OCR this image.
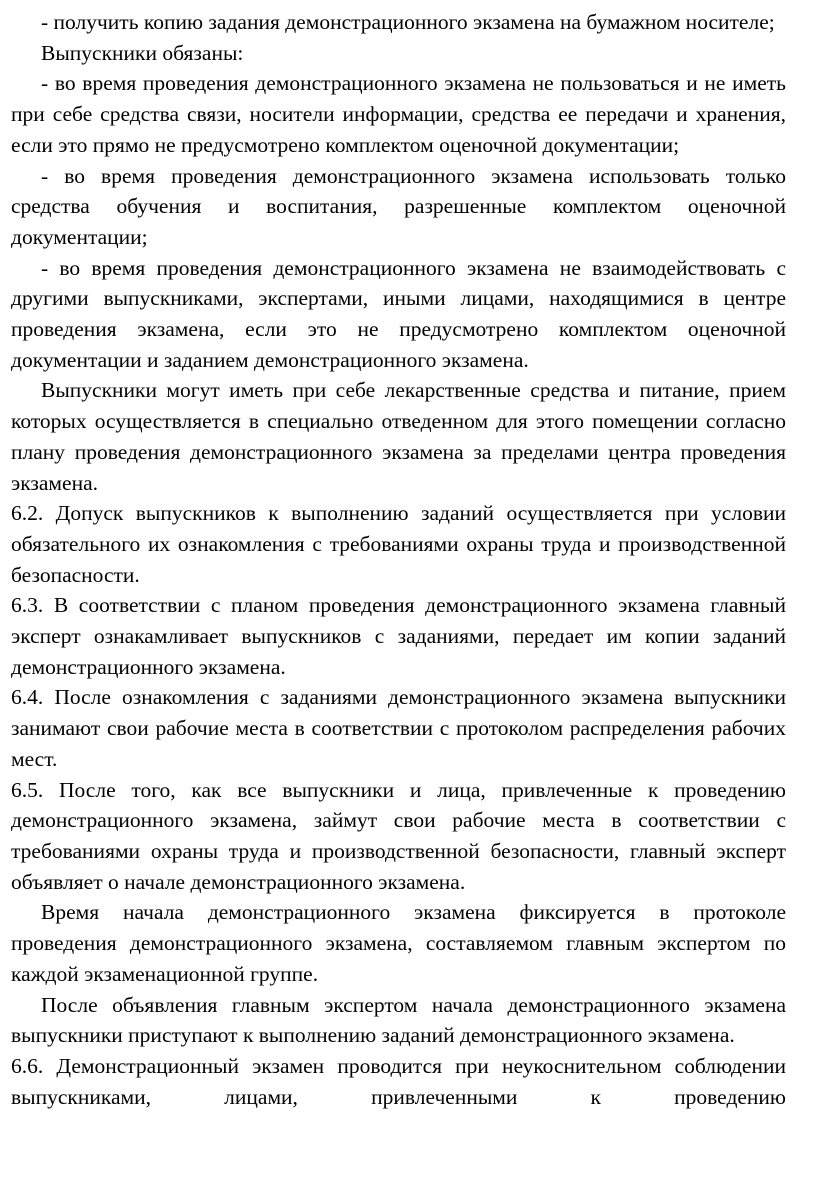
- получить копию задания демонстрационного экзамена на бумажном носителе;

Выпускники обязаны:

- во время проведения демонстрационного экзамена не пользоваться и не иметь при себе средства связи, носители информации, средства ее передачи и хранения, если это прямо не предусмотрено комплектом оценочной документации;

- во время проведения демонстрационного экзамена использовать только средства обучения и воспитания, разрешенные комплектом оценочной документации;

- во время проведения демонстрационного экзамена не взаимодействовать с другими выпускниками, экспертами, иными лицами, находящимися в центре проведения экзамена, если это не предусмотрено комплектом оценочной документации и заданием демонстрационного экзамена.

Выпускники могут иметь при себе лекарственные средства и питание, прием которых осуществляется в специально отведенном для этого помещении согласно плану проведения демонстрационного экзамена за пределами центра проведения экзамена.

6.2. Допуск выпускников к выполнению заданий осуществляется при условии обязательного их ознакомления с требованиями охраны труда и производственной безопасности.

6.3. В соответствии с планом проведения демонстрационного экзамена главный эксперт ознакамливает выпускников с заданиями, передает им копии заданий демонстрационного экзамена.

6.4. После ознакомления с заданиями демонстрационного экзамена выпускники занимают свои рабочие места в соответствии с протоколом распределения рабочих мест.

6.5. После того, как все выпускники и лица, привлеченные к проведению демонстрационного экзамена, займут свои рабочие места в соответствии с требованиями охраны труда и производственной безопасности, главный эксперт объявляет о начале демонстрационного экзамена.

Время начала демонстрационного экзамена фиксируется в протоколе проведения демонстрационного экзамена, составляемом главным экспертом по каждой экзаменационной группе.

После объявления главным экспертом начала демонстрационного экзамена выпускники приступают к выполнению заданий демонстрационного экзамена.

6.6. Демонстрационный экзамен проводится при неукоснительном соблюдении выпускниками, лицами, привлеченными к проведению
